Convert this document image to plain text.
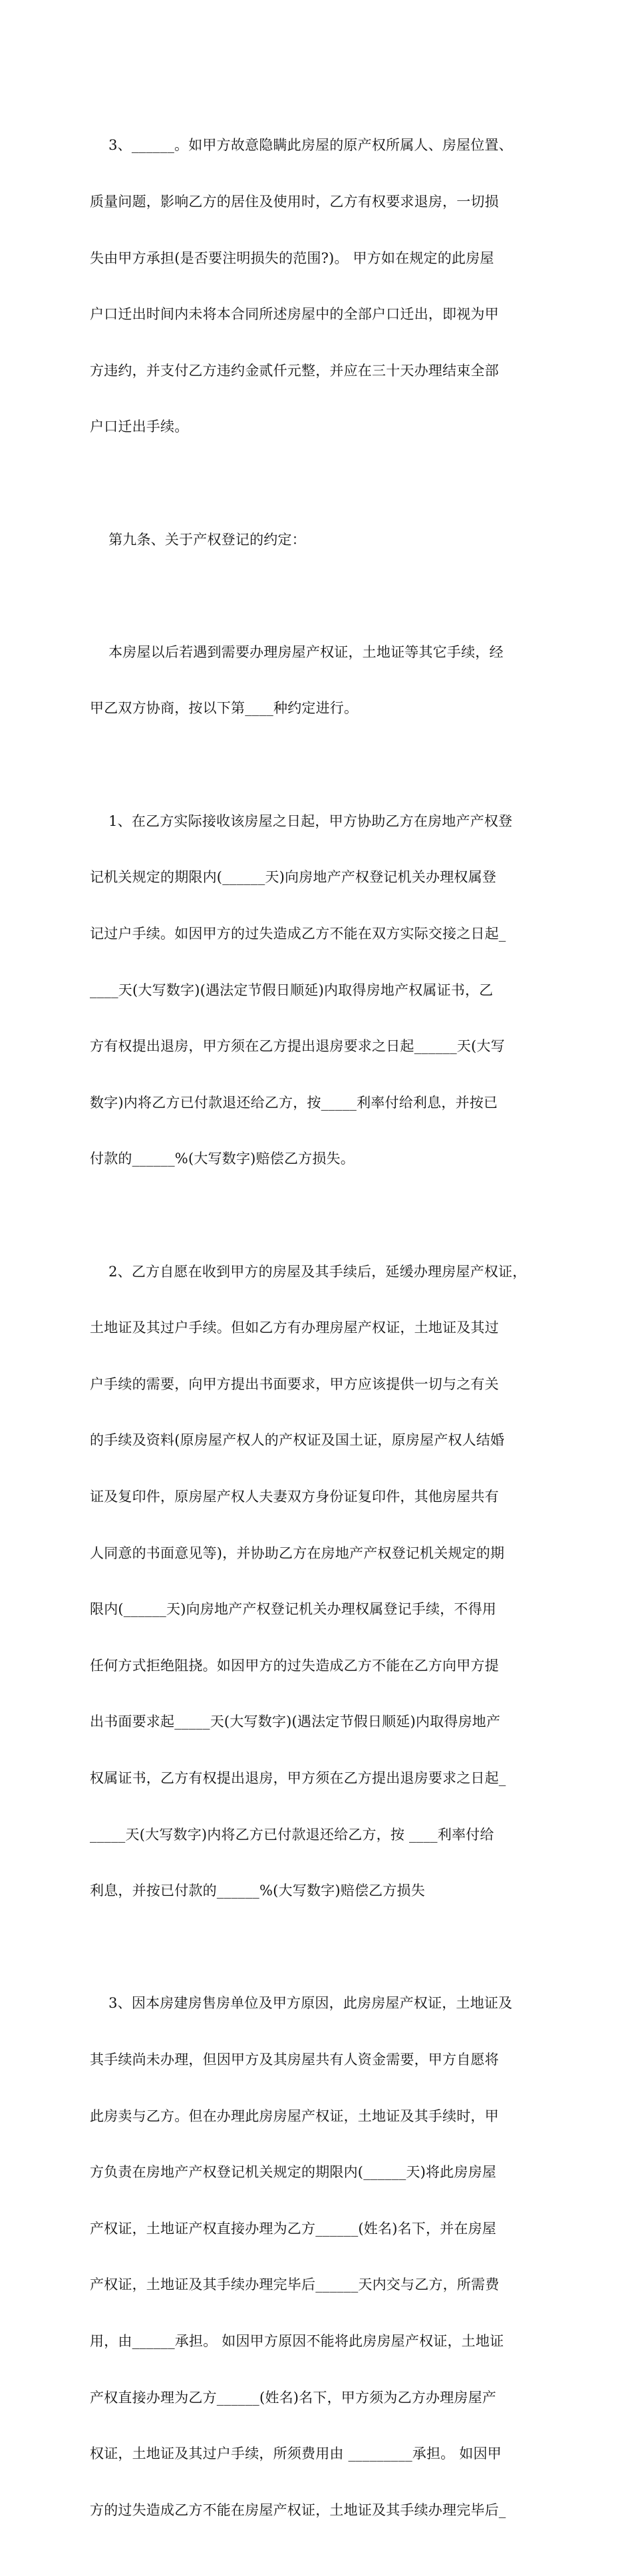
　 3、______。如甲方故意隐瞒此房屋的原产权所属人、房屋位置、

质量问题，影响乙方的居住及使用时，乙方有权要求退房，一切损

失由甲方承担(是否要注明损失的范围?)。 甲方如在规定的此房屋

户口迁出时间内未将本合同所述房屋中的全部户口迁出，即视为甲

方违约，并支付乙方违约金贰仟元整，并应在三十天办理结束全部

户口迁出手续。

　 第九条、关于产权登记的约定：

　 本房屋以后若遇到需要办理房屋产权证，土地证等其它手续，经

甲乙双方协商，按以下第____种约定进行。

　 1、在乙方实际接收该房屋之日起，甲方协助乙方在房地产产权登

记机关规定的期限内(______天)向房地产产权登记机关办理权属登

记过户手续。如因甲方的过失造成乙方不能在双方实际交接之日起_

____天(大写数字)(遇法定节假日顺延)内取得房地产权属证书，乙

方有权提出退房，甲方须在乙方提出退房要求之日起______天(大写

数字)内将乙方已付款退还给乙方，按_____利率付给利息，并按已

付款的______%(大写数字)赔偿乙方损失。

　 2、乙方自愿在收到甲方的房屋及其手续后，延缓办理房屋产权证，

土地证及其过户手续。但如乙方有办理房屋产权证，土地证及其过

户手续的需要，向甲方提出书面要求，甲方应该提供一切与之有关

的手续及资料(原房屋产权人的产权证及国土证，原房屋产权人结婚

证及复印件，原房屋产权人夫妻双方身份证复印件，其他房屋共有

人同意的书面意见等)，并协助乙方在房地产产权登记机关规定的期

限内(______天)向房地产产权登记机关办理权属登记手续，不得用

任何方式拒绝阻挠。如因甲方的过失造成乙方不能在乙方向甲方提

出书面要求起_____天(大写数字)(遇法定节假日顺延)内取得房地产

权属证书，乙方有权提出退房，甲方须在乙方提出退房要求之日起_

_____天(大写数字)内将乙方已付款退还给乙方，按 ____利率付给

利息，并按已付款的______%(大写数字)赔偿乙方损失

　 3、因本房建房售房单位及甲方原因，此房房屋产权证，土地证及

其手续尚未办理，但因甲方及其房屋共有人资金需要，甲方自愿将

此房卖与乙方。但在办理此房房屋产权证，土地证及其手续时，甲

方负责在房地产产权登记机关规定的期限内(______天)将此房房屋

产权证，土地证产权直接办理为乙方______(姓名)名下，并在房屋

产权证，土地证及其手续办理完毕后______天内交与乙方，所需费

用，由______承担。 如因甲方原因不能将此房房屋产权证，土地证

产权直接办理为乙方______(姓名)名下，甲方须为乙方办理房屋产

权证，土地证及其过户手续，所须费用由 _________承担。 如因甲

方的过失造成乙方不能在房屋产权证，土地证及其手续办理完毕后_
